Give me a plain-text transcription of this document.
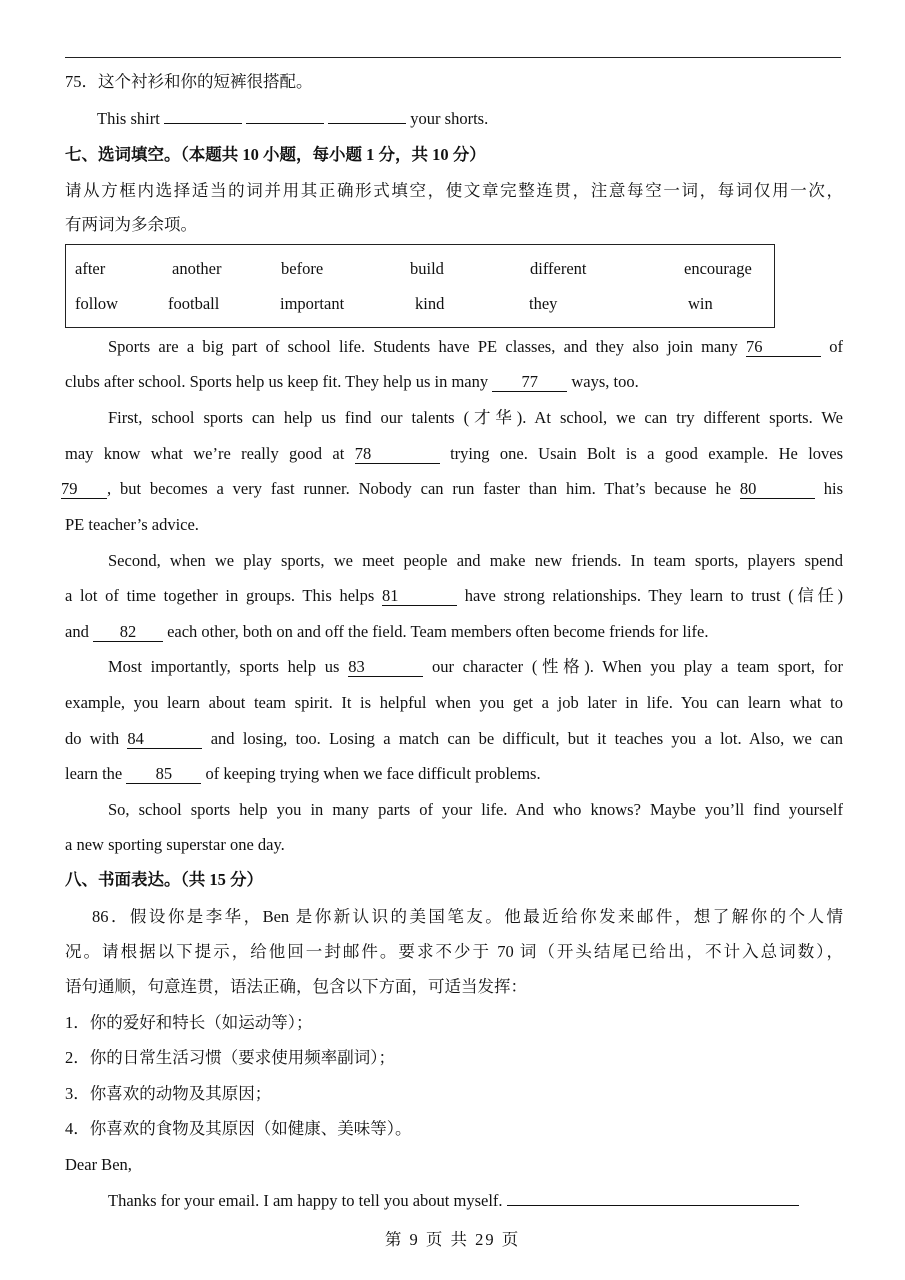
75．这个衬衫和你的短裤很搭配。
This shirt	your shorts.
七、选词填空。（本题共 10 小题，每小题 1 分，共 10 分）
请从方框内选择适当的词并用其正确形式填空，使文章完整连贯，注意每空一词，每词仅用一次，
有两词为多余项。
after	another	before	build	different	encourage
follow	football	important	kind	they	win
Sports are a big part of school life. Students have PE classes, and they also join many 76	of
clubs after school. Sports help us keep fit. They help us in many 77 ways, too.
First, school sports can help us find our talents (才华). At school, we can try different sports. We
may know what we’re really good at 78	trying one. Usain Bolt is a good example. He loves
79 , but becomes a very fast runner. Nobody can run faster than him. That’s because he 80	his
PE teacher’s advice.
Second, when we play sports, we meet people and make new friends. In team sports, players spend
a lot of time together in groups. This helps 81	have strong relationships. They learn to trust (信任)
and 82 each other, both on and off the field. Team members often become friends for life.
Most importantly, sports help us 83	our character (性格). When you play a team sport, for
example, you learn about team spirit. It is helpful when you get a job later in life. You can learn what to
do with 84	and losing, too. Losing a match can be difficult, but it teaches you a lot. Also, we can
learn the 85 of keeping trying when we face difficult problems.
So, school sports help you in many parts of your life. And who knows? Maybe you’ll find yourself
a new sporting superstar one day.
八、书面表达。（共 15 分）
86．假设你是李华，Ben 是你新认识的美国笔友。他最近给你发来邮件，想了解你的个人情
况。请根据以下提示，给他回一封邮件。要求不少于 70 词（开头结尾已给出，不计入总词数），
语句通顺，句意连贯，语法正确，包含以下方面，可适当发挥：
1．你的爱好和特长（如运动等）；
2．你的日常生活习惯（要求使用频率副词）；
3．你喜欢的动物及其原因；
4．你喜欢的食物及其原因（如健康、美味等）。
Dear Ben,
Thanks for your email. I am happy to tell you about myself.
第 9 页 共 29 页
